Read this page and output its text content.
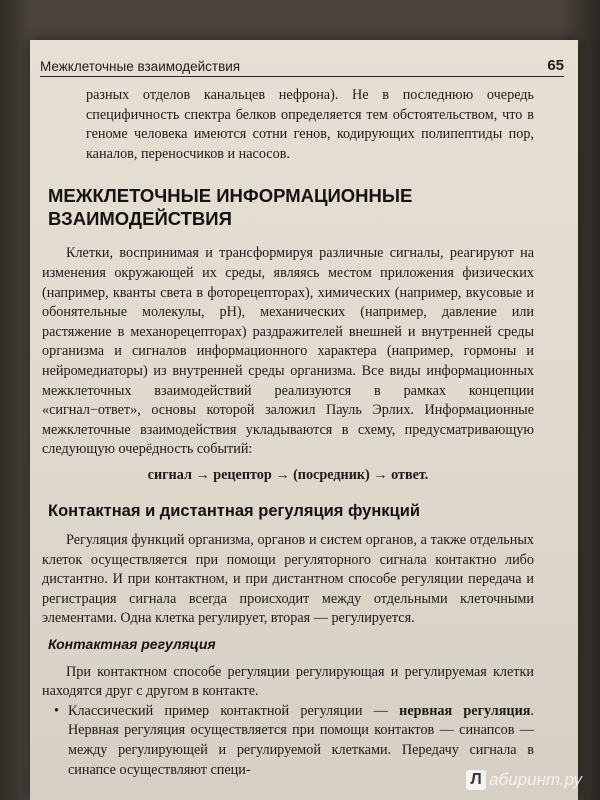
Межклеточные взаимодействия	65

разных отделов канальцев нефрона). Не в последнюю очередь специфичность спектра белков определяется тем обстоятельством, что в геноме человека имеются сотни генов, кодирующих полипептиды пор, каналов, переносчиков и насосов.

МЕЖКЛЕТОЧНЫЕ ИНФОРМАЦИОННЫЕ ВЗАИМОДЕЙСТВИЯ

Клетки, воспринимая и трансформируя различные сигналы, реагируют на изменения окружающей их среды, являясь местом приложения физических (например, кванты света в фоторецепторах), химических (например, вкусовые и обонятельные молекулы, pH), механических (например, давление или растяжение в механорецепторах) раздражителей внешней и внутренней среды организма и сигналов информационного характера (например, гормоны и нейромедиаторы) из внутренней среды организма. Все виды информационных межклеточных взаимодействий реализуются в рамках концепции «сигнал−ответ», основы которой заложил Пауль Эрлих. Информационные межклеточные взаимодействия укладываются в схему, предусматривающую следующую очерёдность событий:

сигнал → рецептор → (посредник) → ответ.

Контактная и дистантная регуляция функций

Регуляция функций организма, органов и систем органов, а также отдельных клеток осуществляется при помощи регуляторного сигнала контактно либо дистантно. И при контактном, и при дистантном способе регуляции передача и регистрация сигнала всегда происходит между отдельными клеточными элементами. Одна клетка регулирует, вторая — регулируется.

Контактная регуляция

При контактном способе регуляции регулирующая и регулируемая клетки находятся друг с другом в контакте.

• Классический пример контактной регуляции — нервная регуляция. Нервная регуляция осуществляется при помощи контактов — синапсов — между регулирующей и регулируемой клетками. Передачу сигнала в синапсе осуществляют специ-
Л абиринт.ру
